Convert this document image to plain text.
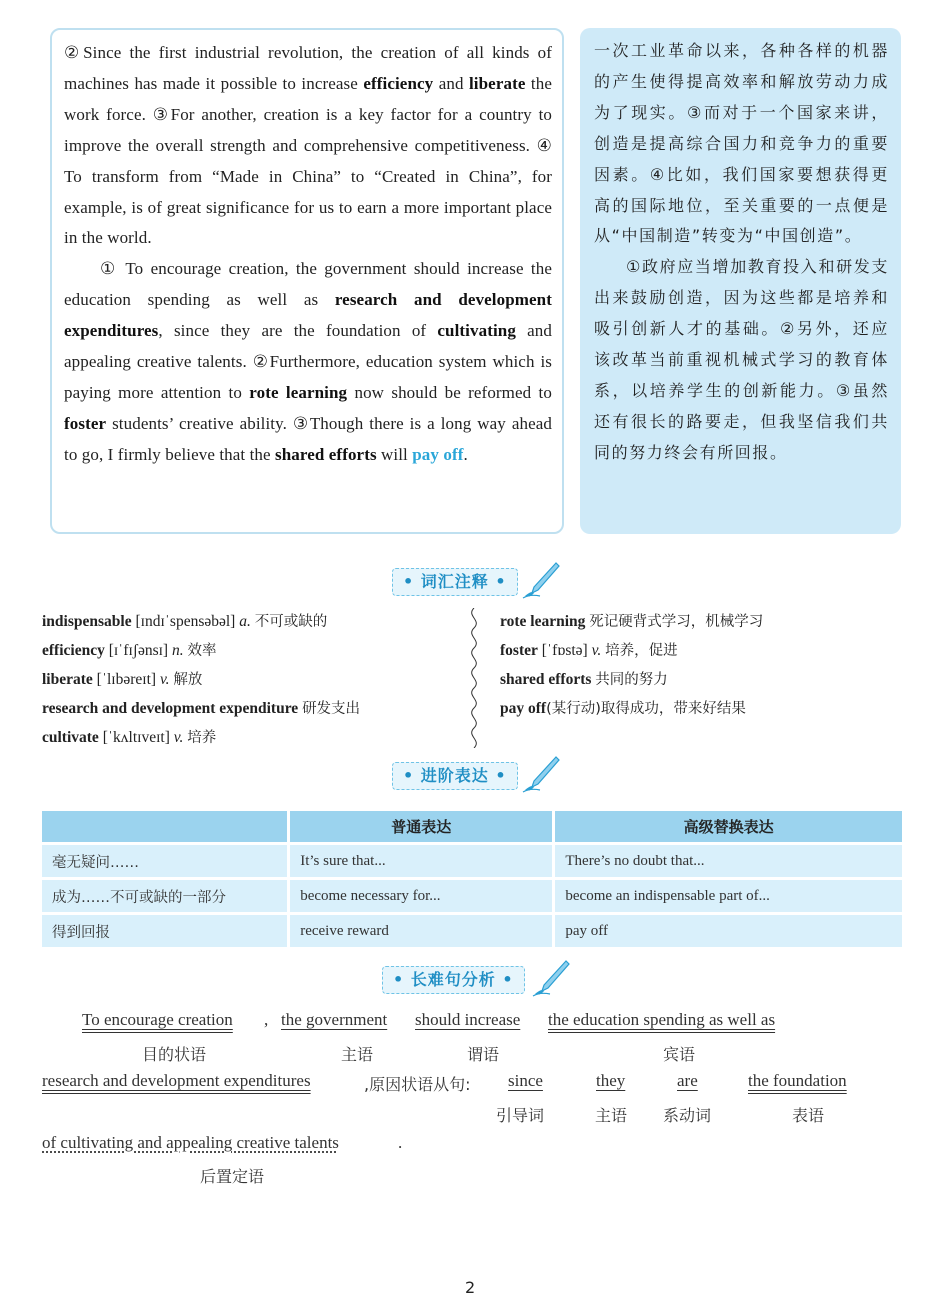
②Since the first industrial revolution, the creation of all kinds of machines has made it possible to increase efficiency and liberate the work force. ③For another, creation is a key factor for a country to improve the overall strength and comprehensive competitiveness. ④ To transform from “Made in China” to “Created in China”, for example, is of great significance for us to earn a more important place in the world.

① To encourage creation, the government should increase the education spending as well as research and development expenditures, since they are the foundation of cultivating and appealing creative talents. ②Furthermore, education system which is paying more attention to rote learning now should be reformed to foster students’ creative ability. ③Though there is a long way ahead to go, I firmly believe that the shared efforts will pay off.

一次工业革命以来，各种各样的机器的产生使得提高效率和解放劳动力成为了现实。③而对于一个国家来讲，创造是提高综合国力和竞争力的重要因素。④比如，我们国家要想获得更高的国际地位，至关重要的一点便是从“中国制造”转变为“中国创造”。

①政府应当增加教育投入和研发支出来鼓励创造，因为这些都是培养和吸引创新人才的基础。②另外，还应该改革当前重视机械式学习的教育体系，以培养学生的创新能力。③虽然还有很长的路要走，但我坚信我们共同的努力终会有所回报。

• 词汇注释 •
indispensable [ɪndɪˈspensəbəl] a. 不可或缺的
efficiency [ɪˈfɪʃənsɪ] n. 效率
liberate [ˈlɪbəreɪt] v. 解放
research and development expenditure 研发支出
cultivate [ˈkʌltɪveɪt] v. 培养
rote learning 死记硬背式学习，机械学习
foster [ˈfɒstə] v. 培养，促进
shared efforts 共同的努力
pay off(某行动)取得成功，带来好结果
• 进阶表达 •
	普通表达	高级替换表达
毫无疑问……	It’s sure that...	There’s no doubt that...
成为……不可或缺的一部分	become necessary for...	become an indispensable part of...
得到回报	receive reward	pay off
• 长难句分析 •
To encourage creation , the government should increase the education spending as well as
目的状语	主语	谓语	宾语
research and development expenditures	,原因状语从句: since	they	are	the foundation
引导词	主语 系动词	表语
of cultivating and appealing creative talents	.
后置定语
2
